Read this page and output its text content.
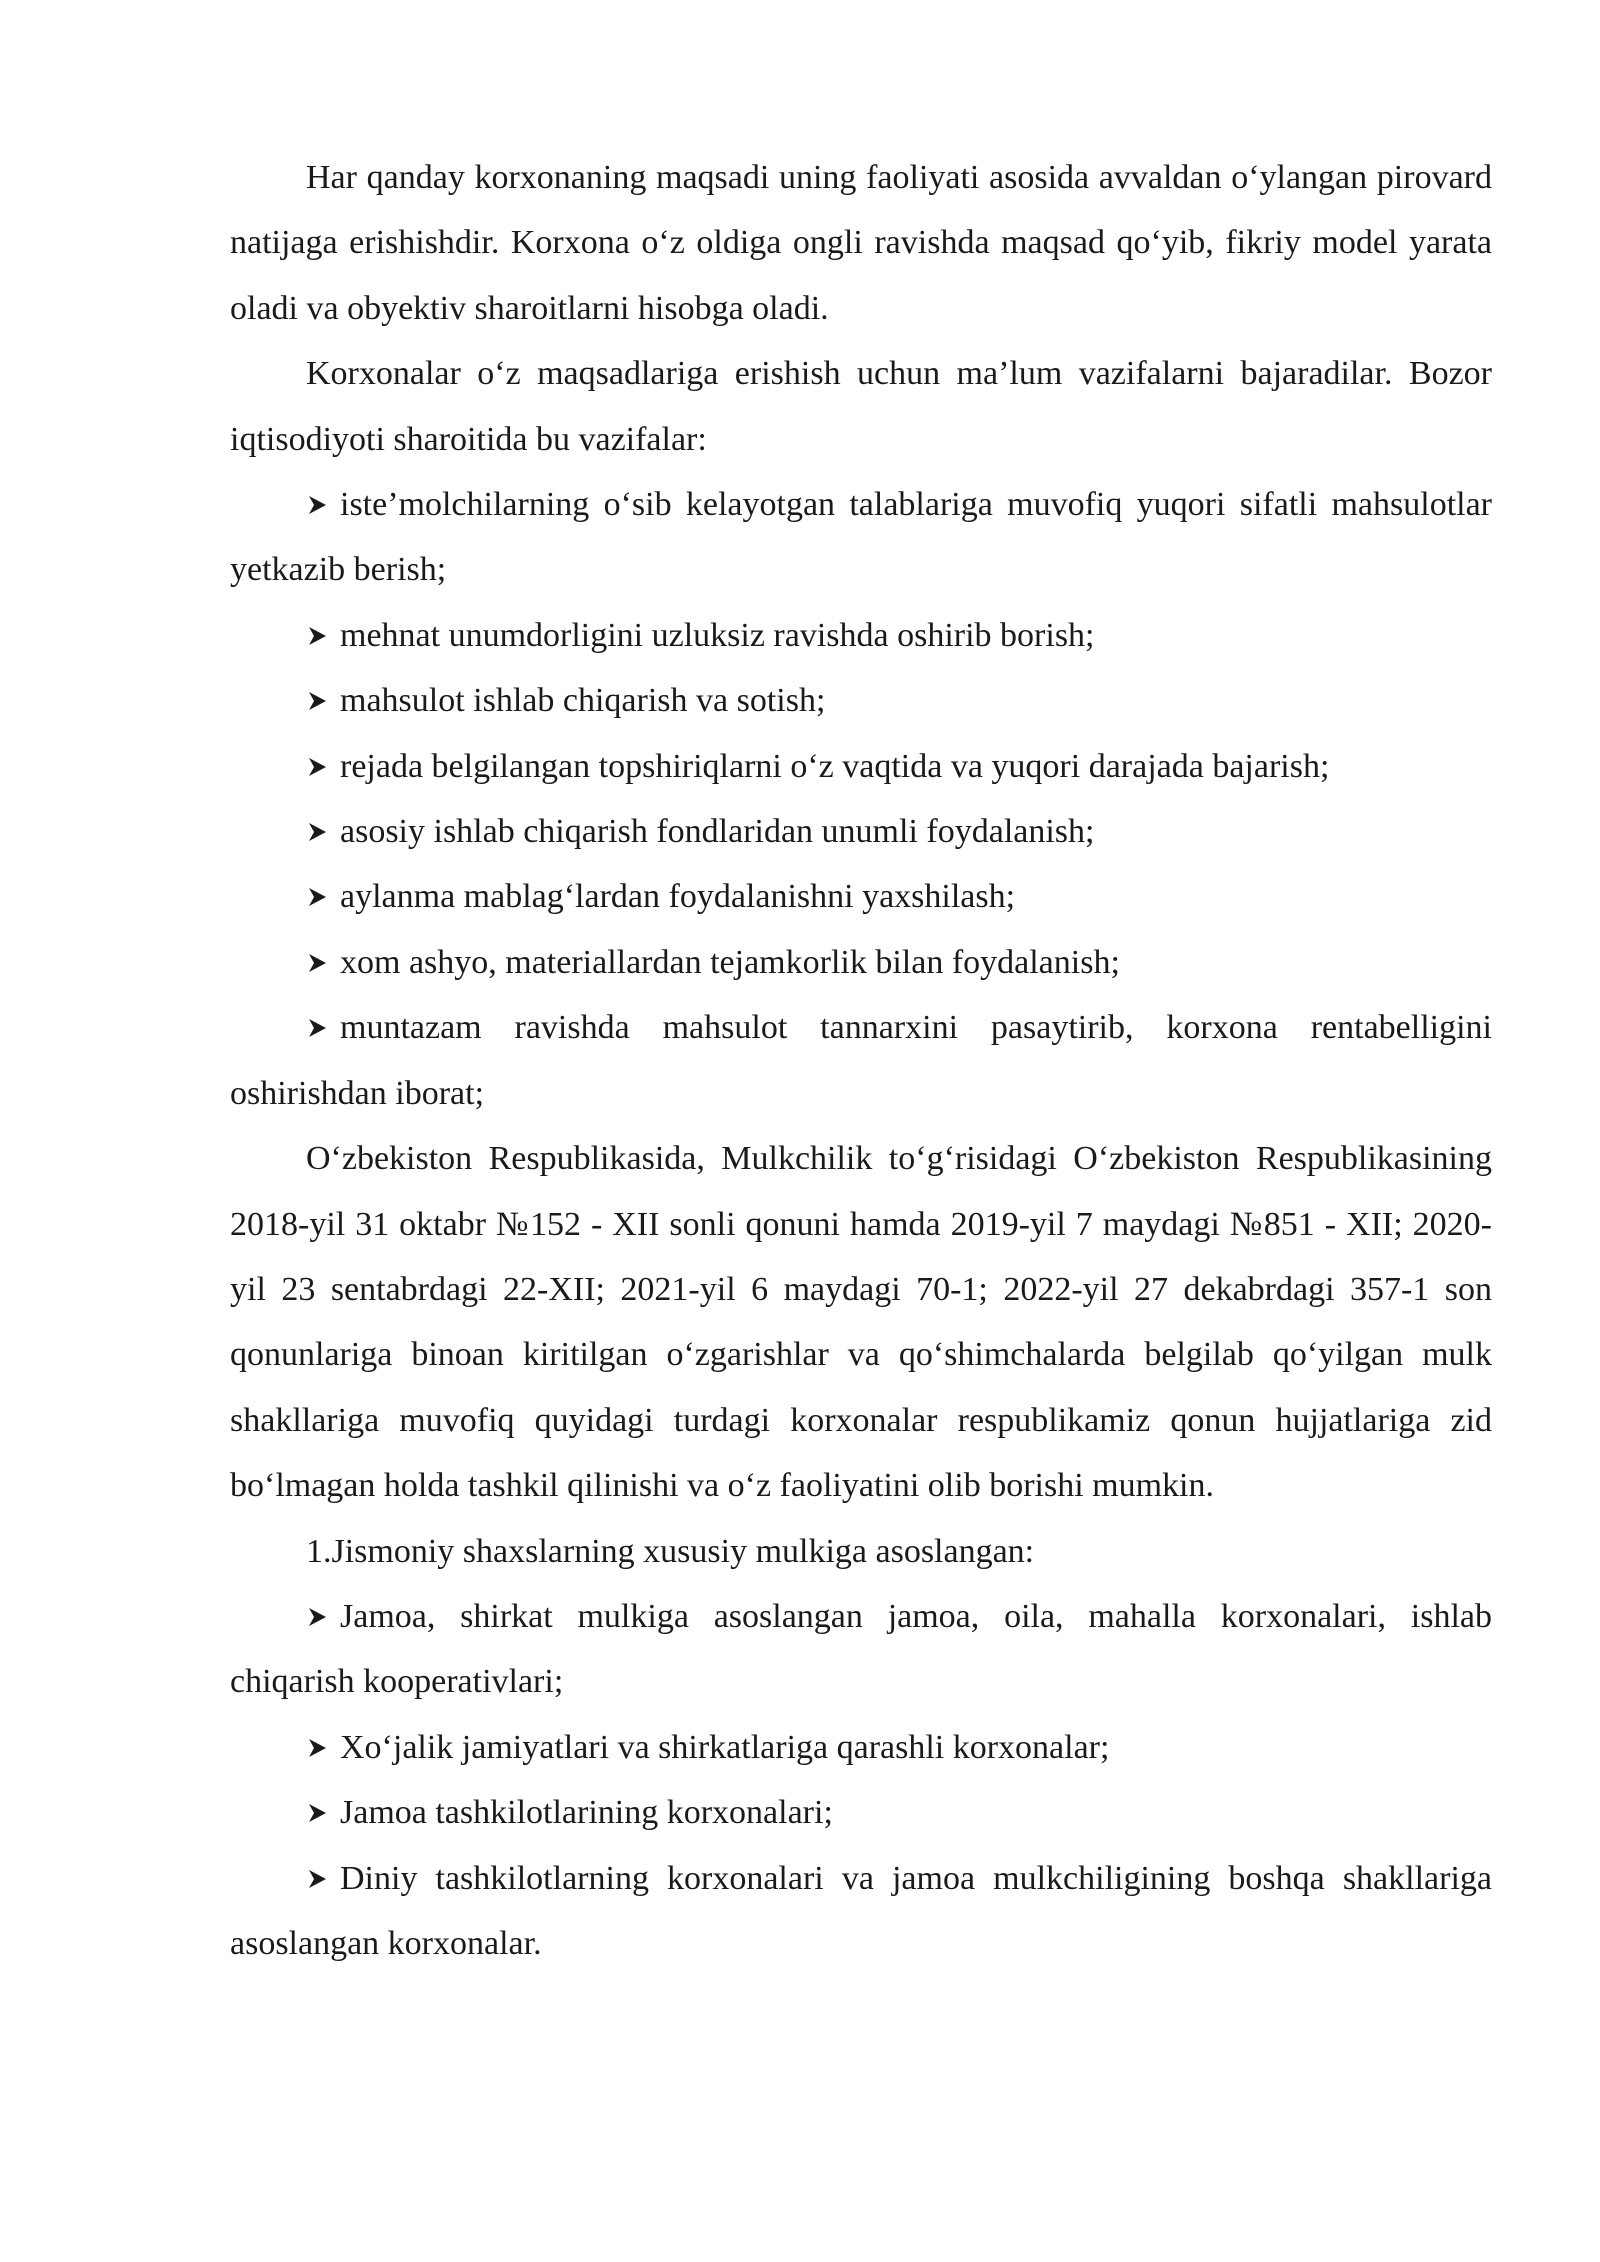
Har qanday korxonaning maqsadi uning faoliyati asosida avvaldan o‘ylangan pirovard natijaga erishishdir. Korxona o‘z oldiga ongli ravishda maqsad qo‘yib, fikriy model yarata oladi va obyektiv sharoitlarni hisobga oladi.

Korxonalar o‘z maqsadlariga erishish uchun ma’lum vazifalarni bajaradilar. Bozor iqtisodiyoti sharoitida bu vazifalar:

iste’molchilarning o‘sib kelayotgan talablariga muvofiq yuqori sifatli mahsulotlar yetkazib berish;

mehnat unumdorligini uzluksiz ravishda oshirib borish;

mahsulot ishlab chiqarish va sotish;

rejada belgilangan topshiriqlarni o‘z vaqtida va yuqori darajada bajarish;

asosiy ishlab chiqarish fondlaridan unumli foydalanish;

aylanma mablag‘lardan foydalanishni yaxshilash;

xom ashyo, materiallardan tejamkorlik bilan foydalanish;

muntazam ravishda mahsulot tannarxini pasaytirib, korxona rentabelligini oshirishdan iborat;

O‘zbekiston Respublikasida, Mulkchilik to‘g‘risidagi O‘zbekiston Respublikasining 2018-yil 31 oktabr №152 - XII sonli qonuni hamda 2019-yil 7 maydagi №851 - XII; 2020-yil 23 sentabrdagi 22-XII; 2021-yil 6 maydagi 70-1; 2022-yil 27 dekabrdagi 357-1 son qonunlariga binoan kiritilgan o‘zgarishlar va qo‘shimchalarda belgilab qo‘yilgan mulk shakllariga muvofiq quyidagi turdagi korxonalar respublikamiz qonun hujjatlariga zid bo‘lmagan holda tashkil qilinishi va o‘z faoliyatini olib borishi mumkin.

1.Jismoniy shaxslarning xususiy mulkiga asoslangan:

Jamoa, shirkat mulkiga asoslangan jamoa, oila, mahalla korxonalari, ishlab chiqarish kooperativlari;

Xo‘jalik jamiyatlari va shirkatlariga qarashli korxonalar;

Jamoa tashkilotlarining korxonalari;

Diniy tashkilotlarning korxonalari va jamoa mulkchiligining boshqa shakllariga asoslangan korxonalar.
